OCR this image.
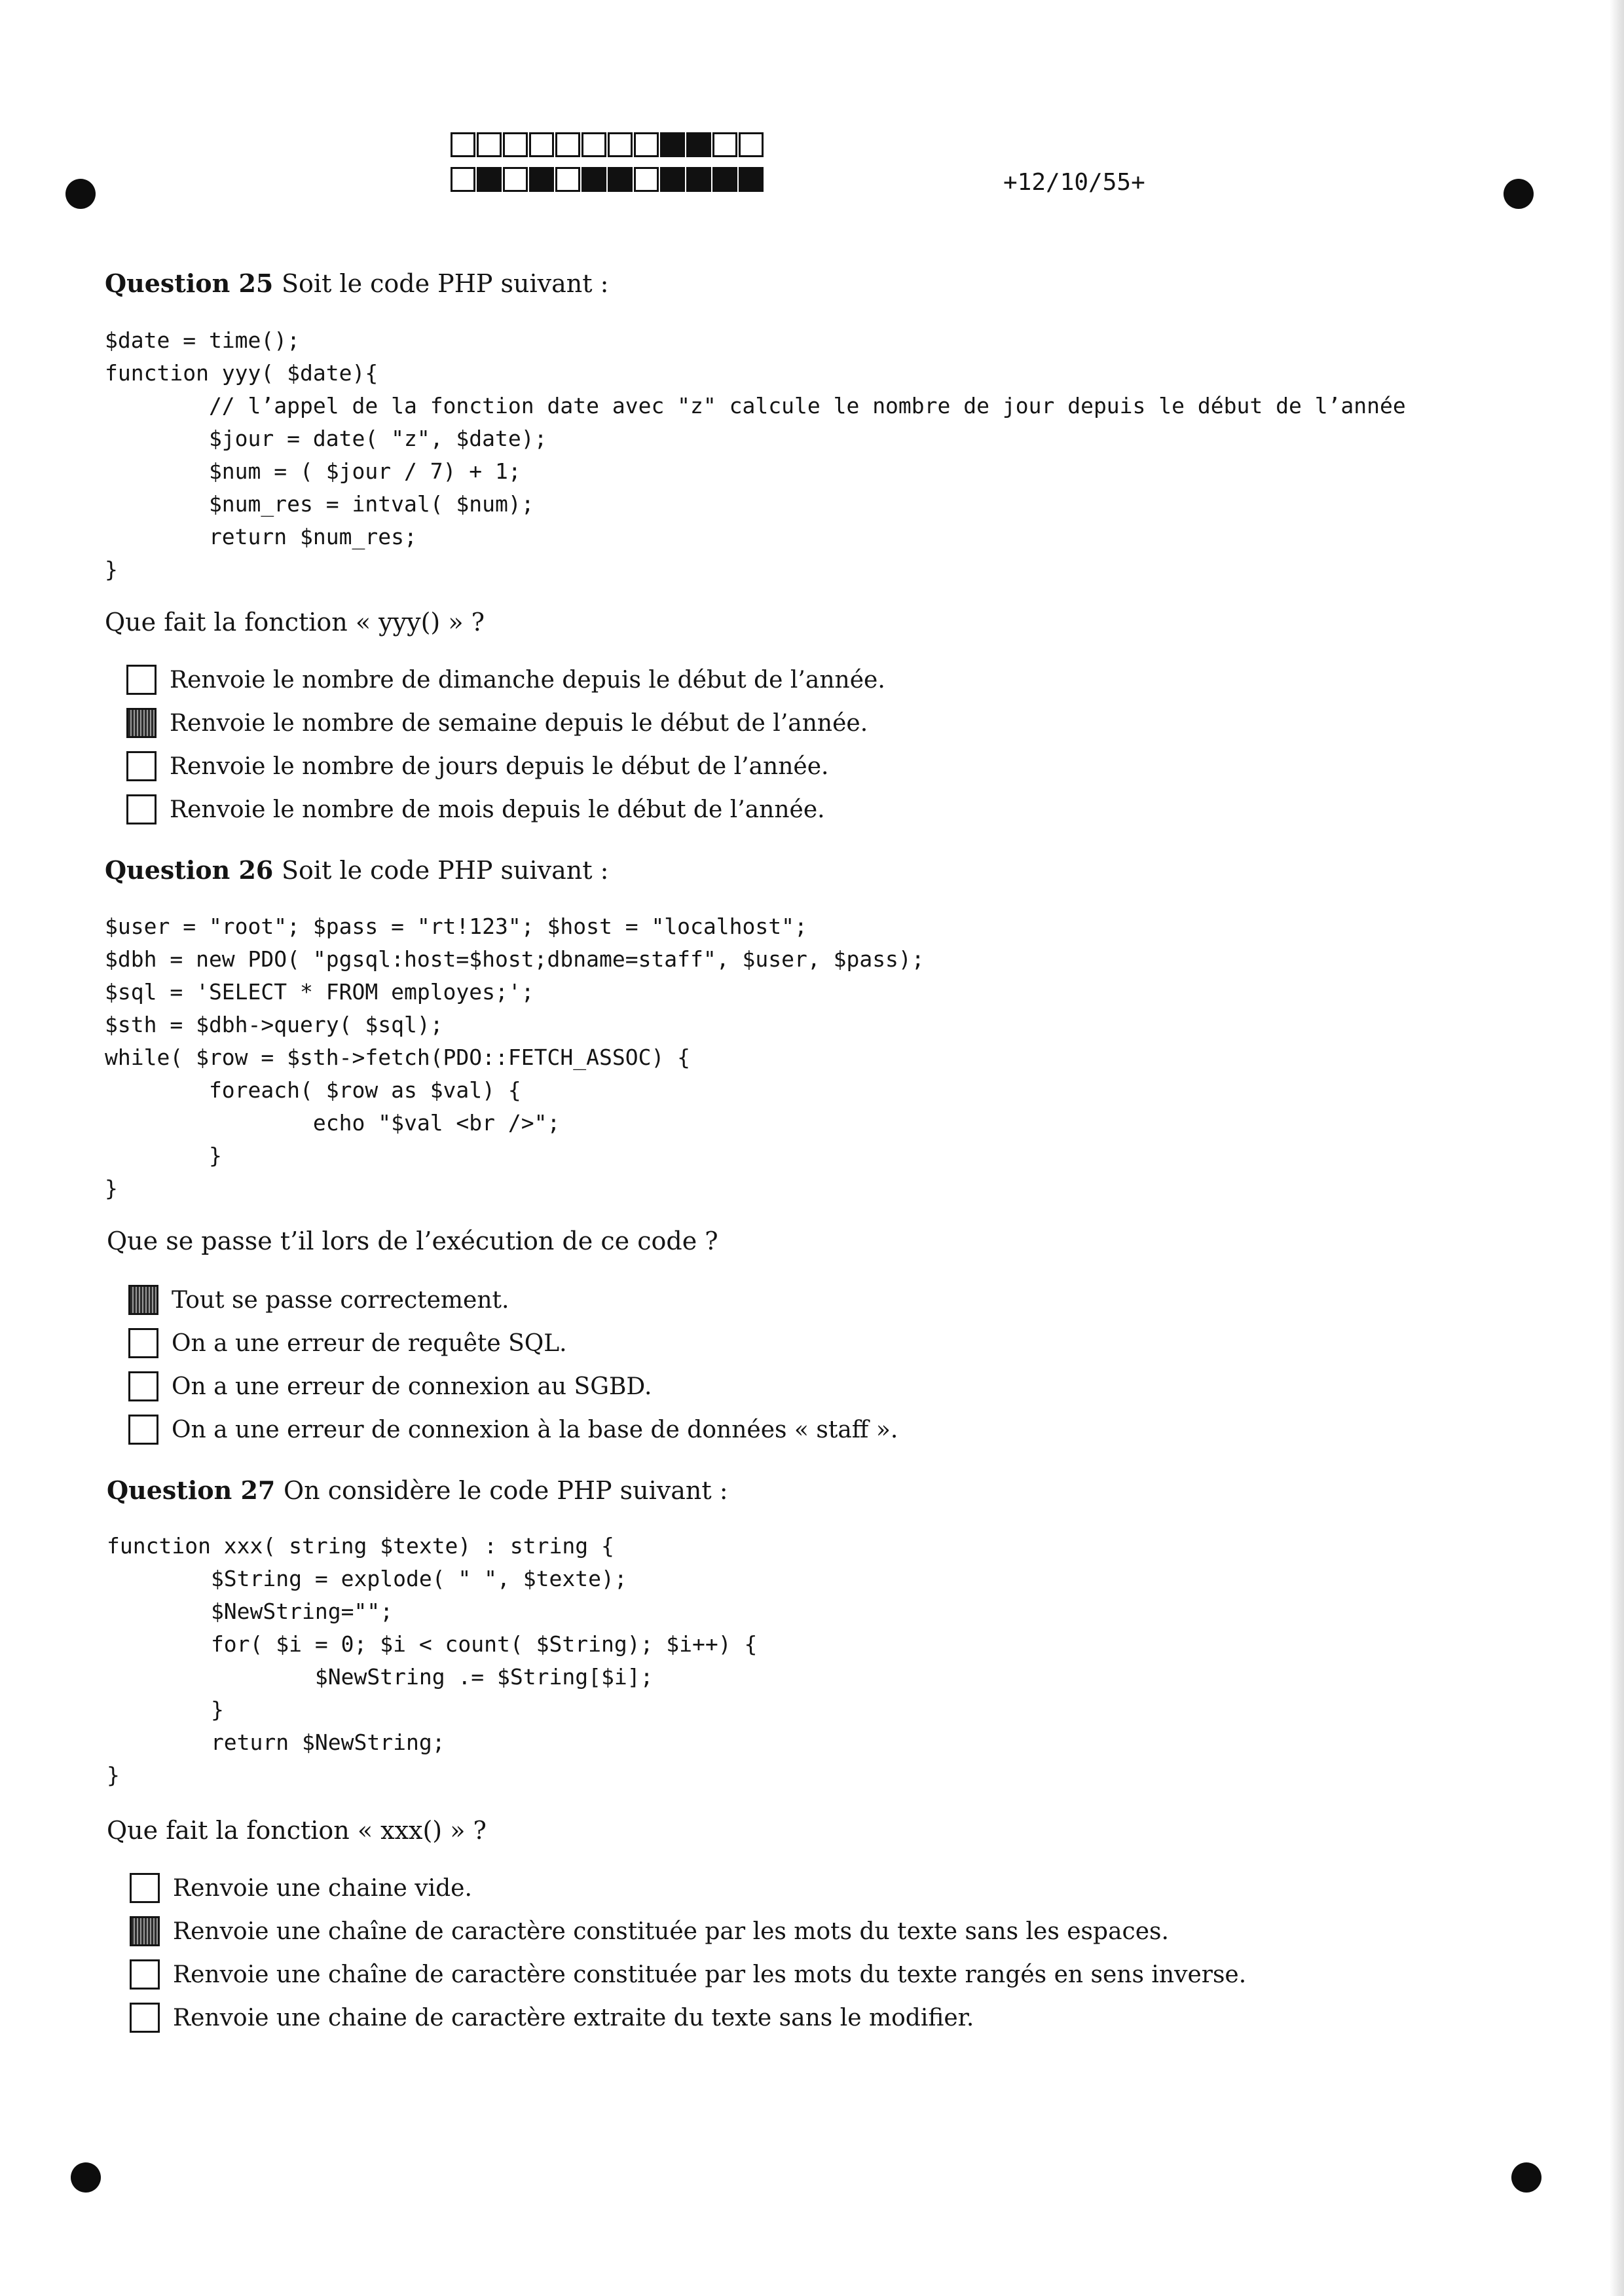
+12/10/55+
Question 25 Soit le code PHP suivant :
$date = time();
function yyy( $date){
// l’appel de la fonction date avec "z" calcule le nombre de jour depuis le début de l’année
$jour = date( "z", $date);
$num = ( $jour / 7) + 1;
$num_res = intval( $num);
return $num_res;
}
Que fait la fonction « yyy() » ?
Renvoie le nombre de dimanche depuis le début de l’année.
Renvoie le nombre de semaine depuis le début de l’année.
Renvoie le nombre de jours depuis le début de l’année.
Renvoie le nombre de mois depuis le début de l’année.
Question 26 Soit le code PHP suivant :
$user = "root"; $pass = "rt!123"; $host = "localhost";
$dbh = new PDO( "pgsql:host=$host;dbname=staff", $user, $pass);
$sql = 'SELECT * FROM employes;';
$sth = $dbh->query( $sql);
while( $row = $sth->fetch(PDO::FETCH_ASSOC) {
foreach( $row as $val) {
echo "$val <br />";
}
}
Que se passe t’il lors de l’exécution de ce code ?
Tout se passe correctement.
On a une erreur de requête SQL.
On a une erreur de connexion au SGBD.
On a une erreur de connexion à la base de données « staff ».
Question 27 On considère le code PHP suivant :
function xxx( string $texte) : string {
$String = explode( " ", $texte);
$NewString="";
for( $i = 0; $i < count( $String); $i++) {
$NewString .= $String[$i];
}
return $NewString;
}
Que fait la fonction « xxx() » ?
Renvoie une chaine vide.
Renvoie une chaîne de caractère constituée par les mots du texte sans les espaces.
Renvoie une chaîne de caractère constituée par les mots du texte rangés en sens inverse.
Renvoie une chaine de caractère extraite du texte sans le modifier.
